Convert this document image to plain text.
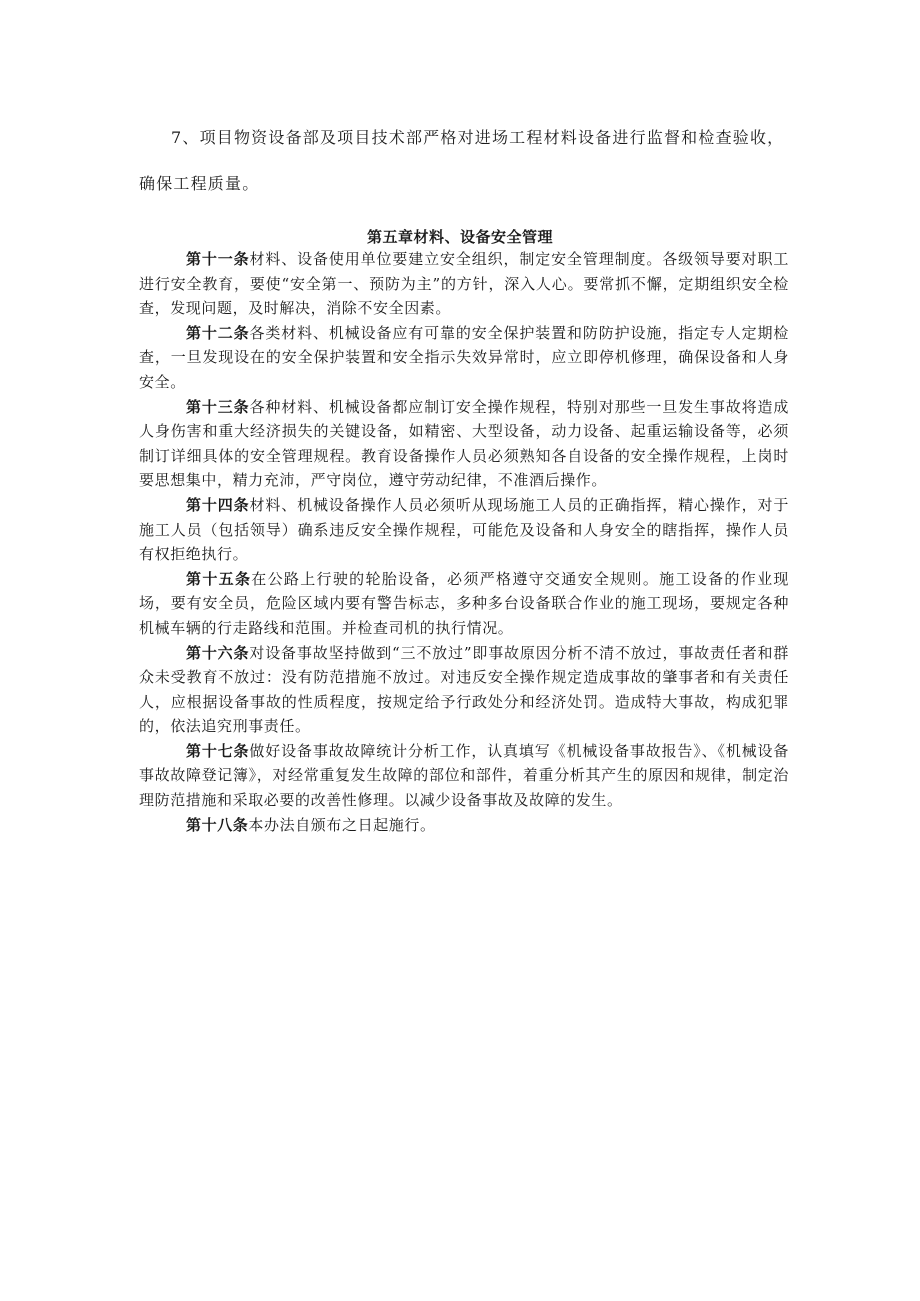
7、项目物资设备部及项目技术部严格对进场工程材料设备进行监督和检查验收，

确保工程质量。

第五章材料、设备安全管理

第十一条材料、设备使用单位要建立安全组织，制定安全管理制度。各级领导要对职工进行安全教育，要使“安全第一、预防为主”的方针，深入人心。要常抓不懈，定期组织安全检查，发现问题，及时解决，消除不安全因素。

第十二条各类材料、机械设备应有可靠的安全保护装置和防防护设施，指定专人定期检查，一旦发现设在的安全保护装置和安全指示失效异常时，应立即停机修理，确保设备和人身安全。

第十三条各种材料、机械设备都应制订安全操作规程，特别对那些一旦发生事故将造成人身伤害和重大经济损失的关键设备，如精密、大型设备，动力设备、起重运输设备等，必须制订详细具体的安全管理规程。教育设备操作人员必须熟知各自设备的安全操作规程，上岗时要思想集中，精力充沛，严守岗位，遵守劳动纪律，不准酒后操作。

第十四条材料、机械设备操作人员必须听从现场施工人员的正确指挥，精心操作，对于施工人员（包括领导）确系违反安全操作规程，可能危及设备和人身安全的瞎指挥，操作人员有权拒绝执行。

第十五条在公路上行驶的轮胎设备，必须严格遵守交通安全规则。施工设备的作业现场，要有安全员，危险区域内要有警告标志，多种多台设备联合作业的施工现场，要规定各种机械车辆的行走路线和范围。并检查司机的执行情况。

第十六条对设备事故坚持做到“三不放过”即事故原因分析不清不放过，事故责任者和群众未受教育不放过：没有防范措施不放过。对违反安全操作规定造成事故的肇事者和有关责任人，应根据设备事故的性质程度，按规定给予行政处分和经济处罚。造成特大事故，构成犯罪的，依法追究刑事责任。

第十七条做好设备事故故障统计分析工作，认真填写《机械设备事故报告》、《机械设备事故故障登记簿》，对经常重复发生故障的部位和部件，着重分析其产生的原因和规律，制定治理防范措施和采取必要的改善性修理。以减少设备事故及故障的发生。

第十八条本办法自颁布之日起施行。
